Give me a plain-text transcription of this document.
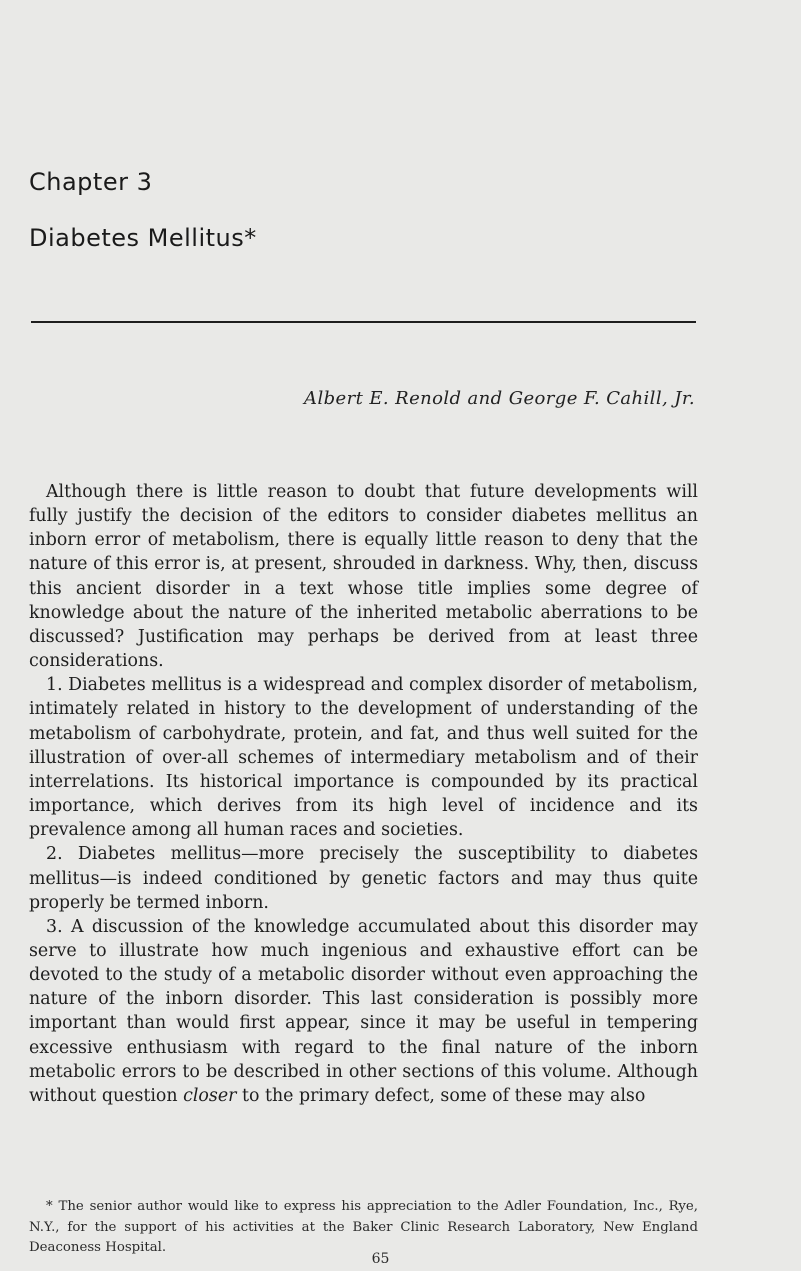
Chapter 3
Diabetes Mellitus*
Albert E. Renold and George F. Cahill, Jr.

Although there is little reason to doubt that future developments will fully justify the decision of the editors to consider diabetes mellitus an inborn error of metabolism, there is equally little reason to deny that the nature of this error is, at present, shrouded in darkness. Why, then, discuss this ancient disorder in a text whose title implies some degree of knowledge about the nature of the inherited metabolic aberrations to be discussed? Justification may perhaps be derived from at least three considerations.

1. Diabetes mellitus is a widespread and complex disorder of metabolism, intimately related in history to the development of understanding of the metabolism of carbohydrate, protein, and fat, and thus well suited for the illustration of over-all schemes of intermediary metabolism and of their interrelations. Its historical importance is compounded by its practical importance, which derives from its high level of incidence and its prevalence among all human races and societies.

2. Diabetes mellitus—more precisely the susceptibility to diabetes mellitus—is indeed conditioned by genetic factors and may thus quite properly be termed inborn.

3. A discussion of the knowledge accumulated about this disorder may serve to illustrate how much ingenious and exhaustive effort can be devoted to the study of a metabolic disorder without even approaching the nature of the inborn disorder. This last consideration is possibly more important than would first appear, since it may be useful in tempering excessive enthusiasm with regard to the final nature of the inborn metabolic errors to be described in other sections of this volume. Although without question closer to the primary defect, some of these may also

* The senior author would like to express his appreciation to the Adler Foundation, Inc., Rye, N.Y., for the support of his activities at the Baker Clinic Research Laboratory, New England Deaconess Hospital.
65
